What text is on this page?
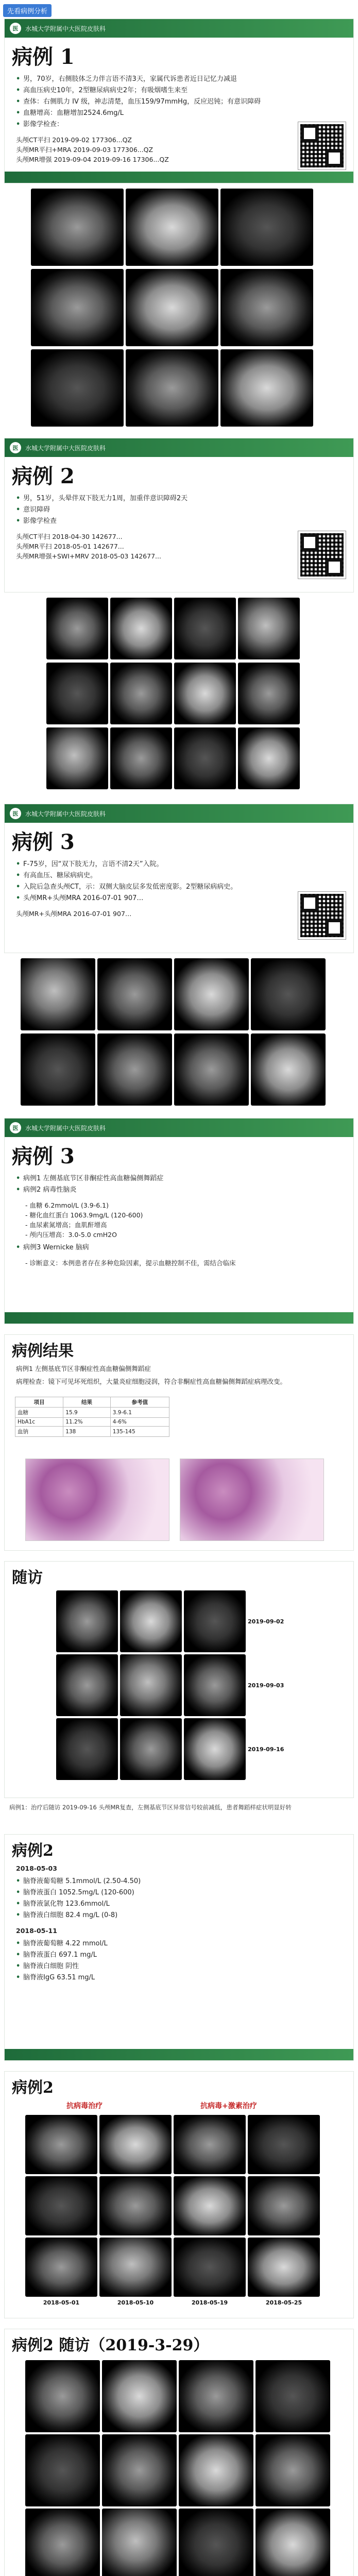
先看病例分析
医	水城大学附属中大医院皮肤科
病例 1
• 男，70岁，右侧肢体乏力伴言语不清3天，家属代诉患者近日记忆力减退
• 高血压病史10年，2型糖尿病病史2年；有吸烟嗜生来至
• 查体：右侧肌力 IV 级，神志清楚，血压159/97mmHg，反应迟钝；有意识障碍
• 血糖增高：血糖增加2524.6mg/L
• 影像学检查：

头颅CT平扫 2019-09-02 177306...QZ

头颅MR平扫+MRA 2019-09-03 177306...QZ

头颅MR增强 2019-09-04 2019-09-16 17306...QZ

医	水城大学附属中大医院皮肤科
病例 2
• 男，51岁，头晕伴双下肢无力1周，加重伴意识障碍2天
• 意识障碍
• 影像学检查

头颅CT平扫 2018-04-30 142677...

头颅MR平扫 2018-05-01 142677...

头颅MR增强+SWI+MRV 2018-05-03 142677...

医	水城大学附属中大医院皮肤科
病例 3
• F-75岁，因“双下肢无力，言语不清2天”入院。
• 有高血压、糖尿病病史。
• 入院后急查头颅CT，示：双侧大脑皮层多发低密度影。2型糖尿病病史。
• 头颅MR+头颅MRA 2016-07-01 907…

头颅MR+头颅MRA 2016-07-01 907…

医	水城大学附属中大医院皮肤科
病例 3
• 病例1 左侧基底节区非酮症性高血糖偏侧舞蹈症
• 病例2 病毒性脑炎

- 血糖 6.2mmol/L (3.9-6.1)

- 糖化血红蛋白 1063.9mg/L (120-600)

- 血尿素氮增高；血肌酐增高

- 颅内压增高：3.0-5.0 cmH2O

• 病例3 Wernicke 脑病

- 诊断意义：本例患者存在多种危险因素，提示血糖控制不佳，需结合临床

病例结果

病例1 左侧基底节区非酮症性高血糖偏侧舞蹈症

病理检查：镜下可见坏死组织，大量炎症细胞浸润，符合非酮症性高血糖偏侧舞蹈症病理改变。

项目	结果	参考值
血糖	15.9	3.9-6.1
HbA1c	11.2%	4-6%
血钠	138	135-145
随访
2019-09-02
2019-09-03
2019-09-16
病例1：治疗后随访 2019-09-16 头颅MR复查，左侧基底节区异常信号较前减低，患者舞蹈样症状明显好转
病例2

2018-05-03

• 脑脊液葡萄糖 5.1mmol/L (2.50-4.50)
• 脑脊液蛋白 1052.5mg/L (120-600)
• 脑脊液氯化物 123.6mmol/L
• 脑脊液白细胞 82.4 mg/L (0-8)

2018-05-11

• 脑脊液葡萄糖 4.22 mmol/L
• 脑脊液蛋白 697.1 mg/L
• 脑脊液白细胞 阴性
• 脑脊液IgG 63.51 mg/L
病例2
抗病毒治疗	抗病毒+激素治疗
2018-05-01	2018-05-10	2018-05-19	2018-05-25
病例2 随访（2019-3-29）
